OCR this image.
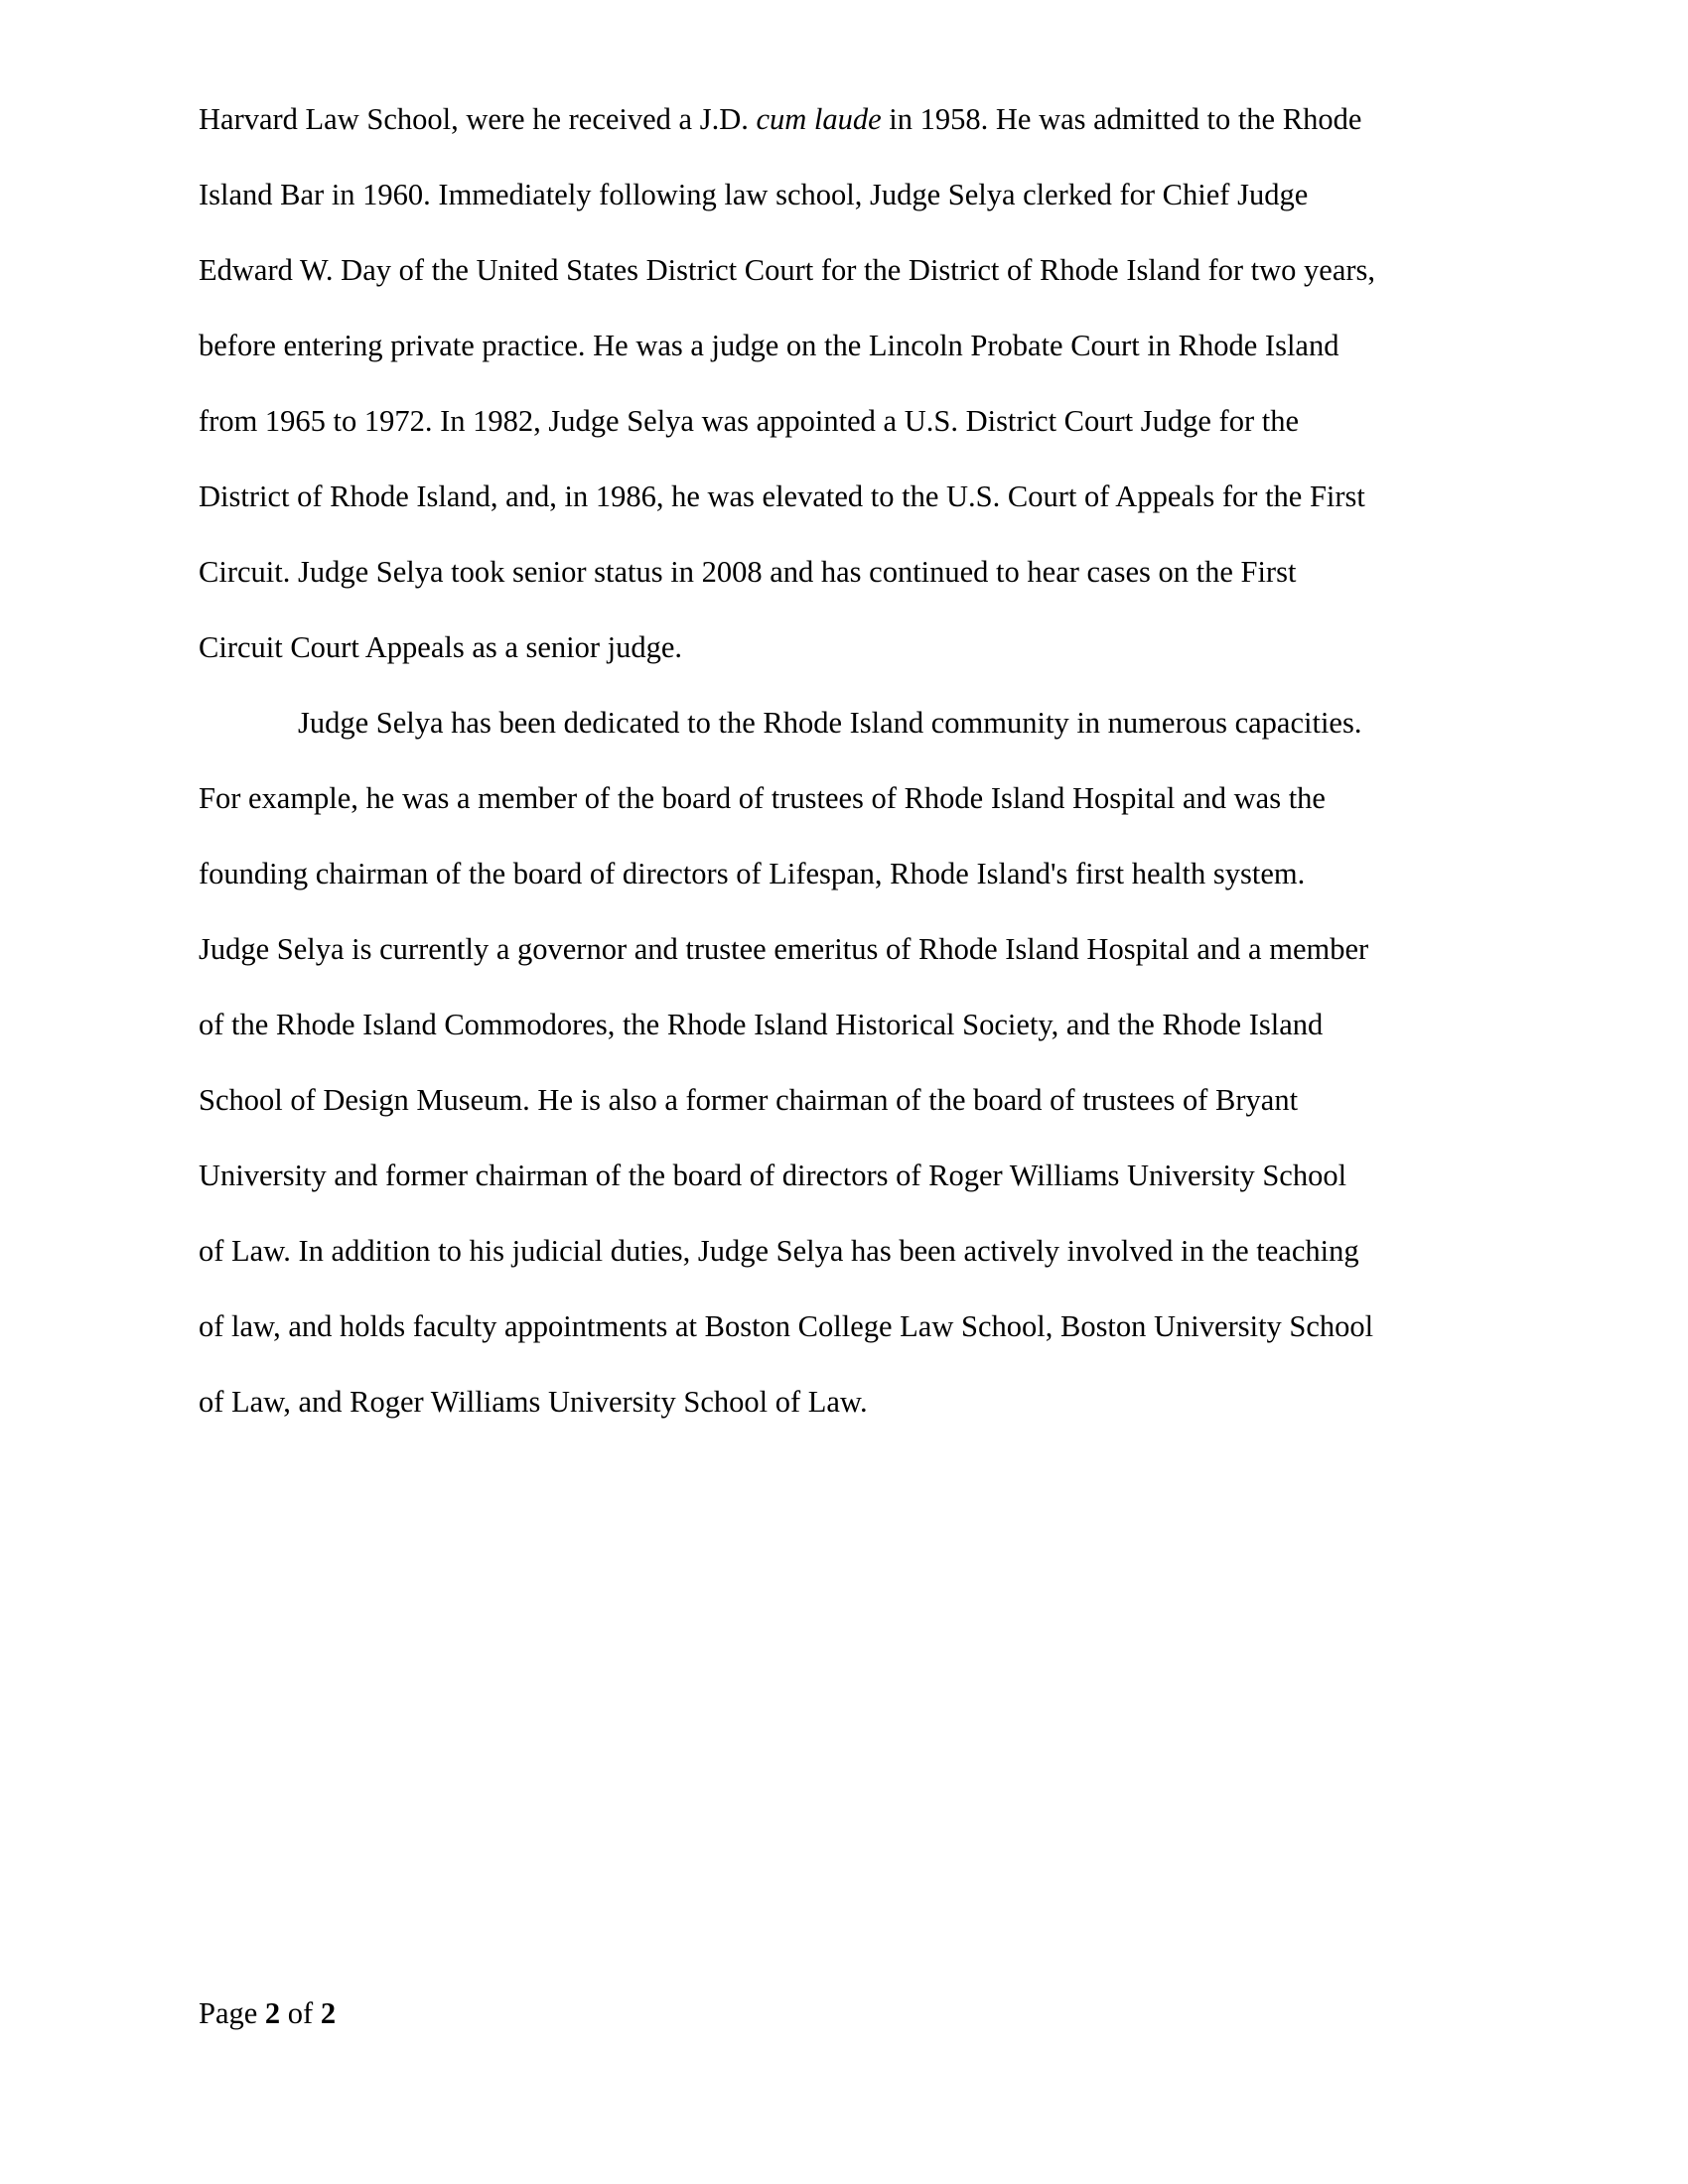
Harvard Law School, were he received a J.D. cum laude in 1958. He was admitted to the Rhode

Island Bar in 1960. Immediately following law school, Judge Selya clerked for Chief Judge

Edward W. Day of the United States District Court for the District of Rhode Island for two years,

before entering private practice. He was a judge on the Lincoln Probate Court in Rhode Island

from 1965 to 1972. In 1982, Judge Selya was appointed a U.S. District Court Judge for the

District of Rhode Island, and, in 1986, he was elevated to the U.S. Court of Appeals for the First

Circuit. Judge Selya took senior status in 2008 and has continued to hear cases on the First

Circuit Court Appeals as a senior judge.

Judge Selya has been dedicated to the Rhode Island community in numerous capacities.

For example, he was a member of the board of trustees of Rhode Island Hospital and was the

founding chairman of the board of directors of Lifespan, Rhode Island's first health system.

Judge Selya is currently a governor and trustee emeritus of Rhode Island Hospital and a member

of the Rhode Island Commodores, the Rhode Island Historical Society, and the Rhode Island

School of Design Museum. He is also a former chairman of the board of trustees of Bryant

University and former chairman of the board of directors of Roger Williams University School

of Law. In addition to his judicial duties, Judge Selya has been actively involved in the teaching

of law, and holds faculty appointments at Boston College Law School, Boston University School

of Law, and Roger Williams University School of Law.

Page 2 of 2
